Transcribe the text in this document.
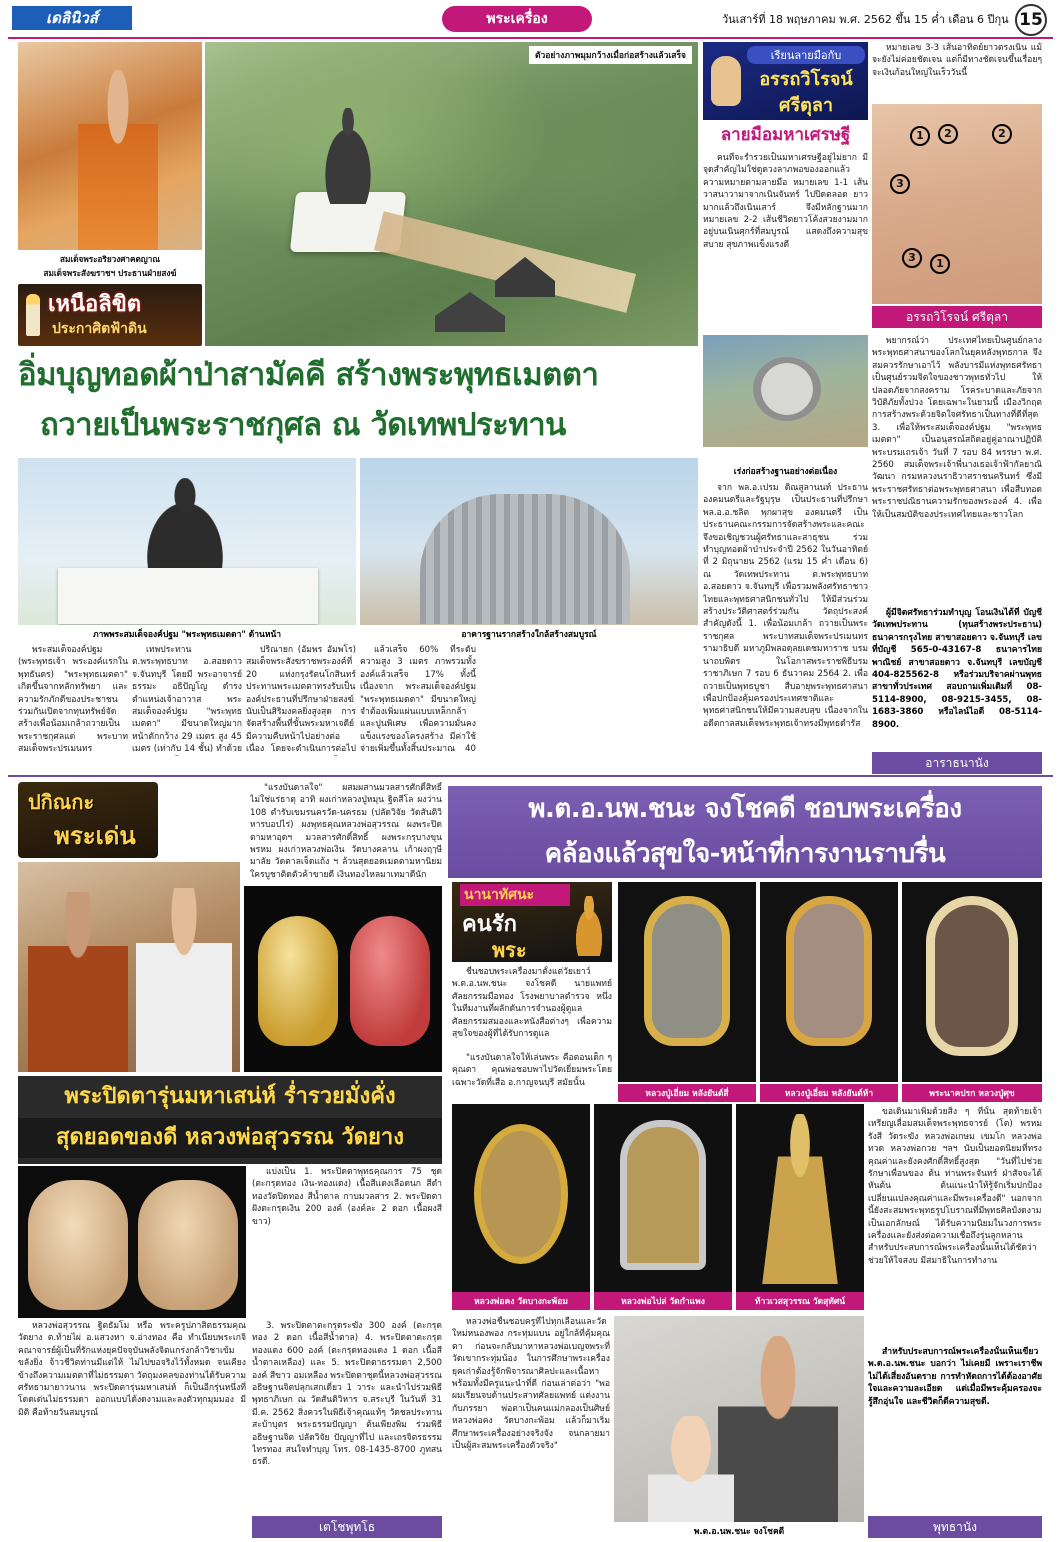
เดลินิวส์	พระเครื่อง	วันเสาร์ที่ 18 พฤษภาคม พ.ศ. 2562 ขึ้น 15 ค่ำ เดือน 6 ปีกุน 15
สมเด็จพระอริยวงศาคตญาณ
สมเด็จพระสังฆราชฯ ประธานฝ่ายสงฆ์
เหนือลิขิต
ประกาศิตฟ้าดิน
ตัวอย่างภาพมุมกว้างเมื่อก่อสร้างแล้วเสร็จ
อิ่มบุญทอดผ้าป่าสามัคคี สร้างพระพุทธเมตตา
ถวายเป็นพระราชกุศล ณ วัดเทพประทาน
ภาพพระสมเด็จองค์ปฐม "พระพุทธเมตตา" ด้านหน้า	อาคารฐานรากสร้างใกล้สร้างสมบูรณ์

พระสมเด็จองค์ปฐม (พระพุทธเจ้า พระองค์แรกในพุทธันดร) "พระพุทธเมตตา" เกิดขึ้นจากหลักทรัพยา และความรักภักดีของประชาชน ร่วมกันเปิดจากทุนทรัพย์จัดสร้างเพื่อน้อมเกล้าถวายเป็นพระราชกุศลแด่ พระบาทสมเด็จพระปรเมนทร

เทพประทาน ต.พระพุทธบาท อ.สอยดาว จ.จันทบุรี โดยมี พระอาจารย์ธรรมะ อธิปัญโญ ดำรงตำแหน่งเจ้าอาวาส พระสมเด็จองค์ปฐม "พระพุทธเมตตา" มีขนาดใหญ่มาก หน้าตักกว้าง 29 เมตร สูง 45 เมตร (เท่ากับ 14 ชั้น) ทำด้วย

ปริณายก (อัมพร อัมพโร) สมเด็จพระสังฆราชพระองค์ที่ 20 แห่งกรุงรัตนโกสินทร์ ประทานพระเมตตาทรงรับเป็นองค์ประธานที่ปรึกษาฝ่ายสงฆ์ นับเป็นสิริมงคลยิ่งสูงสุด การจัดสร้างพื้นที่ขั้นพระมหาเจดีย์ มีความคืบหน้าไปอย่างต่อเนื่อง โดยจะดำเนินการต่อไป

แล้วเสร็จ 60% ที่ระดับความสูง 3 เมตร ภาพรวมทั้งองค์แล้วเสร็จ 17% ทั้งนี้เนื่องจาก พระสมเด็จองค์ปฐม "พระพุทธเมตตา" มีขนาดใหญ่ จำต้องเพิ่มแผ่นแบบเหล็กกล้าและปูนพิเศษ เพื่อความมั่นคงแข็งแรงของโครงสร้าง มีค่าใช้จ่ายเพิ่มขึ้นทั้งสิ้นประมาณ 40

เร่งก่อสร้างฐานอย่างต่อเนื่อง

จาก พล.อ.เปรม ติณสูลานนท์ ประธานองคมนตรีและรัฐบุรุษ เป็นประธานที่ปรึกษา พล.อ.อ.ชลิต พุกผาสุข องคมนตรี เป็นประธานคณะกรรมการจัดสร้างพระและคณะ จึงขอเชิญชวนผู้ศรัทธาและสาธุชน ร่วมทำบุญทอดผ้าป่าประจำปี 2562 ในวันอาทิตย์ที่ 2 มิถุนายน 2562 (แรม 15 ค่ำ เดือน 6) ณ วัดเทพประทาน ต.พระพุทธบาท อ.สอยดาว จ.จันทบุรี เพื่อรวมพลังศรัทธาชาวไทยและพุทธศาสนิกชนทั่วไป ให้มีส่วนร่วมสร้างประวัติศาสตร์ร่วมกัน วัตถุประสงค์สำคัญดังนี้ 1. เพื่อน้อมเกล้า ถวายเป็นพระราชกุศล พระบาทสมเด็จพระปรเมนทรรามาธิบดี มหาภูมิพลอดุลยเดชมหาราช บรมนาถบพิตร ในโอกาสพระราชพิธีบรมราชาภิเษก 7 รอบ 6 ธันวาคม 2564 2. เพื่อถวายเป็นพุทธบูชา สืบอายุพระพุทธศาสนา เพื่อปกป้องคุ้มครองประเทศชาติและพุทธศาสนิกชนให้มีความสงบสุข เนื่องจากในอดีตกาลสมเด็จพระพุทธเจ้าทรงมีพุทธดำรัส

พยากรณ์ว่า ประเทศไทยเป็นศูนย์กลางพระพุทธศาสนาของโลกในยุคหลังพุทธกาล จึงสมควรรักษาเอาไว้ พลังบารมีแห่งพุทธศรัทธาเป็นศูนย์รวมจิตใจของชาวพุทธทั่วไป ให้ปลอดภัยจากสงคราม โรคระบาดและภัยจากวิบัติภัยทั้งปวง โดยเฉพาะในยามนี้ เมืองวิกฤต การสร้างพระด้วยจิตใจศรัทธาเป็นทางที่ดีที่สุด 3. เพื่อให้พระสมเด็จองค์ปฐม "พระพุทธเมตตา" เป็นอนุสรณ์สถิตอยู่คู่อาณาปฏิบัติพระบรมเถรเจ้า วันที่ 7 รอบ 84 พรรษา พ.ศ. 2560 สมเด็จพระเจ้าพี่นางเธอเจ้าฟ้ากัลยาณิวัฒนา กรมหลวงนราธิวาสราชนครินทร์ ซึ่งมีพระราชศรัทธาต่อพระพุทธศาสนา เพื่อสืบทอดพระราชปณิธานความรักของพระองค์ 4. เพื่อให้เป็นสมบัติของประเทศไทยและชาวโลก

ผู้มีจิตศรัทธาร่วมทำบุญ โอนเงินได้ที่ บัญชี วัดเทพประทาน (ทุนสร้างพระประธาน) ธนาคารกรุงไทย สาขาสอยดาว จ.จันทบุรี เลขที่บัญชี 565-0-43167-8 ธนาคารไทยพาณิชย์ สาขาสอยดาว จ.จันทบุรี เลขบัญชี 404-825562-8 หรือร่วมบริจาคผ่านพุทธสาขาทั่วประเทศ สอบถามเพิ่มเติมที่ 08-5114-8900, 08-9215-3455, 08-1683-3860 หรือไลน์ไอดี 08-5114-8900.

อาราธนานัง
เรียนลายมือกับ
อรรถวิโรจน์
ศรีตุลา
ลายมือมหาเศรษฐี

คนที่จะร่ำรวยเป็นมหาเศรษฐีอยู่ไม่ยาก มีจุดสำคัญไม่ใช่ดูดวงลาภพอของออกแล้ว ความหมายตามลายมือ หมายเลข 1-1 เส้นวาสนาวามาจากเนินจันทร์ ไปปิดตลอด ยาวมากแล้วถึงเนินเสาร์ จึงมีหลักฐานมาก หมายเลข 2-2 เส้นชีวิตยาวโค้งสวยงามมาก อยู่บนเนินศุกร์ที่สมบูรณ์ แสดงถึงความสุขสบาย สุขภาพแข็งแรงดี

หมายเลข 3-3 เส้นอาทิตย์ยาวตรงเนิน แม้จะยังไม่ค่อยชัดเจน แต่ก็มีทางชัดเจนขึ้นเรื่อยๆ จะเงินก้อนใหญ่ในเร็ววันนี้

1	2
3	1
2
3
อรรถวิโรจน์ ศรีตุลา
ปกิณกะ
พระเด่น

"แรงบันดาลใจ" ผสมผสานมวลสารศักดิ์สิทธิ์ไม่ใช่แร่ธาตุ อาทิ ผงเก่าหลวงปู่หมุน ฐิตสีโล ผงว่าน 108 ตำรับเขมรนครวัด-นครธม (ปลัดวิจัย วัดสันติวิหารบอปไร่) ผงพุทธคุณหลวงพ่อสุวรรณ ผงพระปิดตามหาอุดฯ มวลสารศักดิ์สิทธิ์ ผงพระกรุบางขุนพรหม ผงเก่าหลวงพ่อเงิน วัดบางคลาน เก้าผงฤๅษีมาลัย วัดตาลเจ็ดแถ้ง ฯ ล้วนสุดยอดเมตตามหานิยม ใครบูชาติดตัวค้าขายดี เงินทองไหลมาเทมาดีนัก

พระปิดตารุ่นมหาเสน่ห์ ร่ำรวยมั่งคั่ง
สุดยอดของดี หลวงพ่อสุวรรณ วัดยาง

แบ่งเป็น 1. พระปิดตาพุทธคุณการ 75 ชุด (ตะกรุดทอง เงิน-ทองแดง) เนื้อสีแดงเลือดนก สีดำทองวัดปิดทอง สีน้ำตาล กาบมวลสาร 2. พระปิดตาฝังตะกรุดเงิน 200 องค์ (องค์ละ 2 ดอก เนื้อผงสีขาว)

หลวงพ่อสุวรรณ ฐิตธัมโม หรือ พระครูปภาสิตธรรมคุณ วัดยาง ต.ท้ายไผ่ อ.แสวงหา จ.อ่างทอง คือ ทำเนียบพระเกจิคณาจารย์ผู้เป็นที่รักแห่งยุคปัจจุบันพลังจิตแกร่งกล้าวิชาเข้มขลังยิ่ง จ้าวชีวิตท่านมีแต่ให้ ไม่ไปขอจริงไว้ทั้งหมด จนเคียงข้างถึงความเมตตาที่ไม่ธรรมดา วัตถุมงคลของท่านได้รับความศรัทธามายาวนาน พระปิดตารุ่นมหาเสน่ห์ ก็เป็นอีกรุ่นหนึ่งที่โดดเด่นไม่ธรรมดา ออกแบบได้งดงามและลงตัวทุกมุมมอง มีมิติ คือท้ายวันสมบูรณ์

3. พระปิดตาตะกรุดระฆัง 300 องค์ (ตะกรุดทอง 2 ดอก เนื้อสีน้ำตาล) 4. พระปิดตาตะกรุดทองแดง 600 องค์ (ตะกรุดทองแดง 1 ดอก เนื้อสีน้ำตาลเหลือง) และ 5. พระปิดตาธรรมดา 2,500 องค์ สีขาว อมเหลือง พระปิดตาชุดนี้หลวงพ่อสุวรรณอธิษฐานจิตปลุกเสกเดี่ยว 1 วาระ และนำไปร่วมพิธีพุทธาภิเษก ณ วัดสันติวิหาร จ.สระบุรี ในวันที่ 31 มี.ค. 2562 สิ่งควรในพิธีเจ้าคุณแท้ๆ วัดชลประทาน สะบ้าบุตร พระธรรมปัญญา ต้นเพียงพิม ร่วมพิธีอธิษฐานจิต ปลัดวิจัย ปัญญาที่ไป และเถรจิตรธรรมไทรทอง สนใจทำบุญ โทร. 08-1435-8700 ภูทสนธรดี.

เตโชพุทโธ
พ.ต.อ.นพ.ชนะ จงโชคดี ชอบพระเครื่อง
คล้องแล้วสุขใจ-หน้าที่การงานราบรื่น
นานาทัศนะ
คนรัก
พระ

ชื่นชอบพระเครื่องมาตั้งแต่วัยเยาว์ พ.ต.อ.นพ.ชนะ จงโชคดี นายแพทย์ศัลยกรรมมือทอง โรงพยาบาลตำรวจ หนึ่งในทีมงานที่ผลักดันการจำนองผู้ดูแลศัลยกรรมสมองและหนังสือต่างๆ เพื่อความสุขใจของผู้ที่ได้รับการดูแล

"แรงบันดาลใจให้เล่นพระ คือตอนเด็ก ๆ คุณตา คุณพ่อชอบพาไปวัดเยี่ยมพระโดยเฉพาะวัดที่เสือ อ.กาญจนบุรี สมัยนั้น

หลวงปู่เอี่ยม หลังยันต์สี่	หลวงปู่เอี่ยม หลังยันต์ห้า	พระนาคปรก หลวงปู่ศุข
หลวงพ่อคง วัดบางกะพ้อม	หลวงพ่อไปล่ วัดกำแพง	ท้าวเวสสุวรรณ วัดสุทัศน์

ขอเดินมาเพิ่มด้วยสิ่ง ๆ ที่นั้น สุดท้ายเจ้าเหรียญเลื่อมสมเด็จพระพุทธจารย์ (โต) พรหมรังสี วัดระฆัง หลวงพ่อเกษม เขมโก หลวงพ่อทวด หลวงพ่อกวย ฯลฯ นับเป็นยอดนิยมที่ทรงคุณค่าและยังคงศักดิ์สิทธิ์สูงสุด "วันที่ไปช่วยรักษาเพื่อนของ ต้น ท่านพระจันทร์ ฝ่าสัจจะได้หันต้น ต้นแนะนำให้รู้จักเริ่มปกป้อง เปลี่ยนแปลงคุณค่าและมีพระเครื่องดี" นอกจากนี้ยังสะสมพระพุทธรูปโบราณที่มีพุทธศิลป์งดงามเป็นเอกลักษณ์ ได้รับความนิยมในวงการพระเครื่องและยังส่งต่อความเชื่อถึงรุ่นลูกหลาน สำหรับประสบการณ์พระเครื่องนั้นเห็นได้ชัดว่าช่วยให้ใจสงบ มีสมาธิในการทำงาน

หลวงพ่อชื่นชอบครูที่ไปทุกเลือนและวัดใหม่หนองพอง กระทุ่มแบน อยู่ใกล้ที่คุ้มคุณตา ก่อนจะกลับมาหาหลวงพ่อเบญจพระที่วัดเขากระทุ่มน้อง ในการศึกษาพระเครื่องยุคเก่าต้องรู้จักพิจารณาศิลปะและเนื้อหา พร้อมทั้งมีครูแนะนำที่ดี ก่อนเล่าต่อว่า "พอผมเรียนจบด้านประสาทศัลยแพทย์ แต่งงานกับภรรยา พ่อตาเป็นคนแม่กลองเป็นศิษย์หลวงพ่อคง วัดบางกะพ้อม แล้วก็มาเริ่มศึกษาพระเครื่องอย่างจริงจัง จนกลายมาเป็นผู้สะสมพระเครื่องตัวจริง"

พ.ต.อ.นพ.ชนะ จงโชคดี

สำหรับประสบการณ์พระเครื่องนั้นเห็นเขียว พ.ต.อ.นพ.ชนะ บอกว่า ไม่เคยมี เพราะเราชีพไม่ได้เสี่ยงอันตราย การทำหัตถการได้ต้องอาศัยใจและความละเอียด แต่เมื่อมีพระคุ้มครองจะรู้สึกอุ่นใจ และชีวิตก็ดีความสุขดี.

พุทธานัง
